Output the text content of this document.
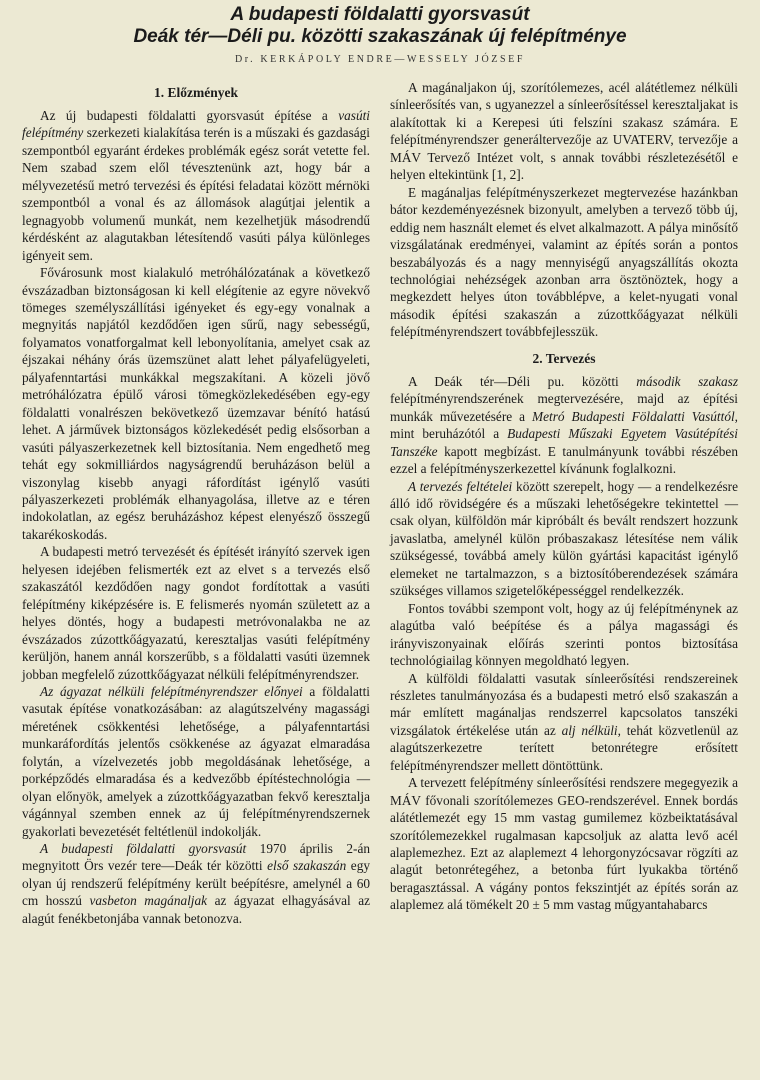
A budapesti földalatti gyorsvasút
Deák tér—Déli pu. közötti szakaszának új felépítménye
Dr. KERKÁPOLY ENDRE—WESSELY JÓZSEF
1. Előzmények

Az új budapesti földalatti gyorsvasút építése a vasúti felépítmény szerkezeti kialakítása terén is a műszaki és gazdasági szempontból egyaránt érdekes problémák egész sorát vetette fel. Nem szabad szem elől tévesztenünk azt, hogy bár a mélyvezetésű metró tervezési és építési feladatai között mérnöki szempontból a vonal és az állomások alagútjai jelentik a legnagyobb volumenű munkát, nem kezelhetjük másodrendű kérdésként az alagutakban létesítendő vasúti pálya különleges igényeit sem.

Fővárosunk most kialakuló metróhálózatának a következő évszázadban biztonságosan ki kell elégítenie az egyre növekvő tömeges személyszállítási igényeket és egy-egy vonalnak a megnyitás napjától kezdődően igen sűrű, nagy sebességű, folyamatos vonatforgalmat kell lebonyolítania, amelyet csak az éjszakai néhány órás üzemszünet alatt lehet pályafelügyeleti, pályafenntartási munkákkal megszakítani. A közeli jövő metróhálózatra épülő városi tömegközlekedésében egy-egy földalatti vonalrészen bekövetkező üzemzavar bénító hatású lehet. A járművek biztonságos közlekedését pedig elsősorban a vasúti pályaszerkezetnek kell biztosítania. Nem engedhető meg tehát egy sokmilliárdos nagyságrendű beruházáson belül a viszonylag kisebb anyagi ráfordítást igénylő vasúti pályaszerkezeti problémák elhanyagolása, illetve az e téren indokolatlan, az egész beruházáshoz képest elenyésző összegű takarékoskodás.

A budapesti metró tervezését és építését irányító szervek igen helyesen idejében felismerték ezt az elvet s a tervezés első szakaszától kezdődően nagy gondot fordítottak a vasúti felépítmény kiképzésére is. E felismerés nyomán született az a helyes döntés, hogy a budapesti metróvonalakba ne az évszázados zúzottkőágyazatú, keresztaljas vasúti felépítmény kerüljön, hanem annál korszerűbb, s a földalatti vasúti üzemnek jobban megfelelő zúzottkőágyazat nélküli felépítményrendszer.

Az ágyazat nélküli felépítményrendszer előnyei a földalatti vasutak építése vonatkozásában: az alagútszelvény magassági méretének csökkentési lehetősége, a pályafenntartási munkaráfordítás jelentős csökkenése az ágyazat elmaradása folytán, a vízelvezetés jobb megoldásának lehetősége, a porképződés elmaradása és a kedvezőbb építéstechnológia — olyan előnyök, amelyek a zúzottkőágyazatban fekvő keresztalja vágánnyal szemben ennek az új felépítményrendszernek gyakorlati bevezetését feltétlenül indokolják.

A budapesti földalatti gyorsvasút 1970 április 2-án megnyitott Örs vezér tere—Deák tér közötti első szakaszán egy olyan új rendszerű felépítmény került beépítésre, amelynél a 60 cm hosszú vasbeton magánaljak az ágyazat elhagyásával az alagút fenékbetonjába vannak betonozva.

A magánaljakon új, szorítólemezes, acél alátétlemez nélküli sínleerősítés van, s ugyanezzel a sínleerősítéssel keresztaljakat is alakítottak ki a Kerepesi úti felszíni szakasz számára. E felépítményrendszer generáltervezője az UVATERV, tervezője a MÁV Tervező Intézet volt, s annak további részletezésétől e helyen eltekintünk [1, 2].

E magánaljas felépítményszerkezet megtervezése hazánkban bátor kezdeményezésnek bizonyult, amelyben a tervező több új, eddig nem használt elemet és elvet alkalmazott. A pálya minősítő vizsgálatának eredményei, valamint az építés során a pontos beszabályozás és a nagy mennyiségű anyagszállítás okozta technológiai nehézségek azonban arra ösztönöztek, hogy a megkezdett helyes úton továbblépve, a kelet-nyugati vonal második építési szakaszán a zúzottkőágyazat nélküli felépítményrendszert továbbfejlesszük.

2. Tervezés

A Deák tér—Déli pu. közötti második szakasz felépítményrendszerének megtervezésére, majd az építési munkák művezetésére a Metró Budapesti Földalatti Vasúttól, mint beruházótól a Budapesti Műszaki Egyetem Vasútépítési Tanszéke kapott megbízást. E tanulmányunk további részében ezzel a felépítményszerkezettel kívánunk foglalkozni.

A tervezés feltételei között szerepelt, hogy — a rendelkezésre álló idő rövidségére és a műszaki lehetőségekre tekintettel — csak olyan, külföldön már kipróbált és bevált rendszert hozzunk javaslatba, amelynél külön próbaszakasz létesítése nem válik szükségessé, továbbá amely külön gyártási kapacitást igénylő elemeket ne tartalmazzon, s a biztosítóberendezések számára szükséges villamos szigetelőképességgel rendelkezzék.

Fontos további szempont volt, hogy az új felépítménynek az alagútba való beépítése és a pálya magassági és irányviszonyainak előírás szerinti pontos biztosítása technológiailag könnyen megoldható legyen.

A külföldi földalatti vasutak sínleerősítési rendszereinek részletes tanulmányozása és a budapesti metró első szakaszán a már említett magánaljas rendszerrel kapcsolatos tanszéki vizsgálatok értékelése után az alj nélküli, tehát közvetlenül az alagútszerkezetre terített betonrétegre erősített felépítményrendszer mellett döntöttünk.

A tervezett felépítmény sínleerősítési rendszere megegyezik a MÁV fővonali szorítólemezes GEO-rendszerével. Ennek bordás alátétlemezét egy 15 mm vastag gumilemez közbeiktatásával szorítólemezekkel rugalmasan kapcsoljuk az alatta levő acél alaplemezhez. Ezt az alaplemezt 4 lehorgonyzócsavar rögzíti az alagút betonrétegéhez, a betonba fúrt lyukakba történő beragasztással. A vágány pontos fekszintjét az építés során az alaplemez alá tömékelt 20 ± 5 mm vastag műgyantahabarcs
